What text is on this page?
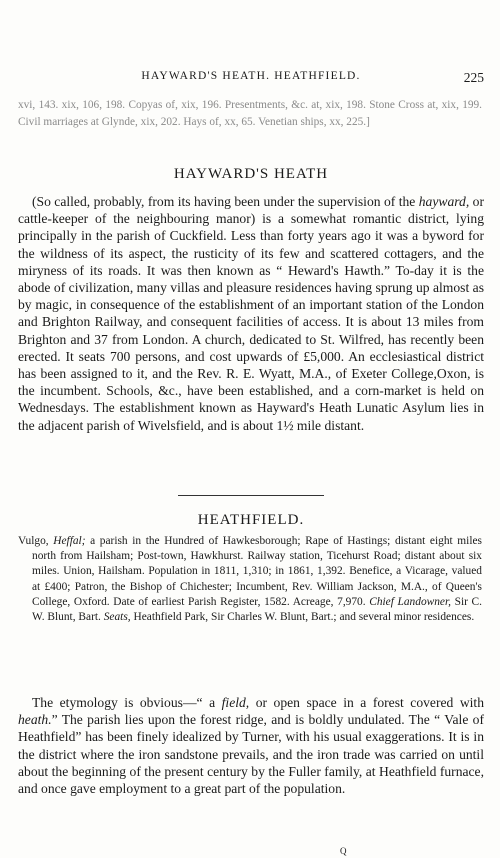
HAYWARD'S HEATH. HEATHFIELD.	225

xvi, 143. xix, 106, 198. Copyas of, xix, 196. Presentments, &c. at, xix, 198. Stone Cross at, xix, 199. Civil marriages at Glynde, xix, 202. Hays of, xx, 65. Venetian ships, xx, 225.]

HAYWARD'S HEATH

(So called, probably, from its having been under the supervision of the hayward, or cattle-keeper of the neighbouring manor) is a somewhat romantic district, lying principally in the parish of Cuckfield. Less than forty years ago it was a byword for the wildness of its aspect, the rusticity of its few and scattered cottagers, and the miryness of its roads. It was then known as “ Heward's Hawth.” To-day it is the abode of civilization, many villas and pleasure residences having sprung up almost as by magic, in consequence of the establishment of an important station of the London and Brighton Railway, and consequent facilities of access. It is about 13 miles from Brighton and 37 from London. A church, dedicated to St. Wilfred, has recently been erected. It seats 700 persons, and cost upwards of £5,000. An ecclesiastical district has been assigned to it, and the Rev. R. E. Wyatt, M.A., of Exeter College,Oxon, is the incumbent. Schools, &c., have been established, and a corn-market is held on Wednesdays. The establishment known as Hayward's Heath Lunatic Asylum lies in the adjacent parish of Wivelsfield, and is about 1½ mile distant.

HEATHFIELD.

Vulgo, Heffal; a parish in the Hundred of Hawkesborough; Rape of Hastings; distant eight miles north from Hailsham; Post-town, Hawkhurst. Railway station, Ticehurst Road; distant about six miles. Union, Hailsham. Population in 1811, 1,310; in 1861, 1,392. Benefice, a Vicarage, valued at £400; Patron, the Bishop of Chichester; Incumbent, Rev. William Jackson, M.A., of Queen's College, Oxford. Date of earliest Parish Register, 1582. Acreage, 7,970. Chief Landowner, Sir C. W. Blunt, Bart. Seats, Heathfield Park, Sir Charles W. Blunt, Bart.; and several minor residences.

The etymology is obvious—“ a field, or open space in a forest covered with heath.” The parish lies upon the forest ridge, and is boldly undulated. The “ Vale of Heathfield” has been finely idealized by Turner, with his usual exaggerations. It is in the district where the iron sandstone prevails, and the iron trade was carried on until about the beginning of the present century by the Fuller family, at Heathfield furnace, and once gave employment to a great part of the population.

Q
